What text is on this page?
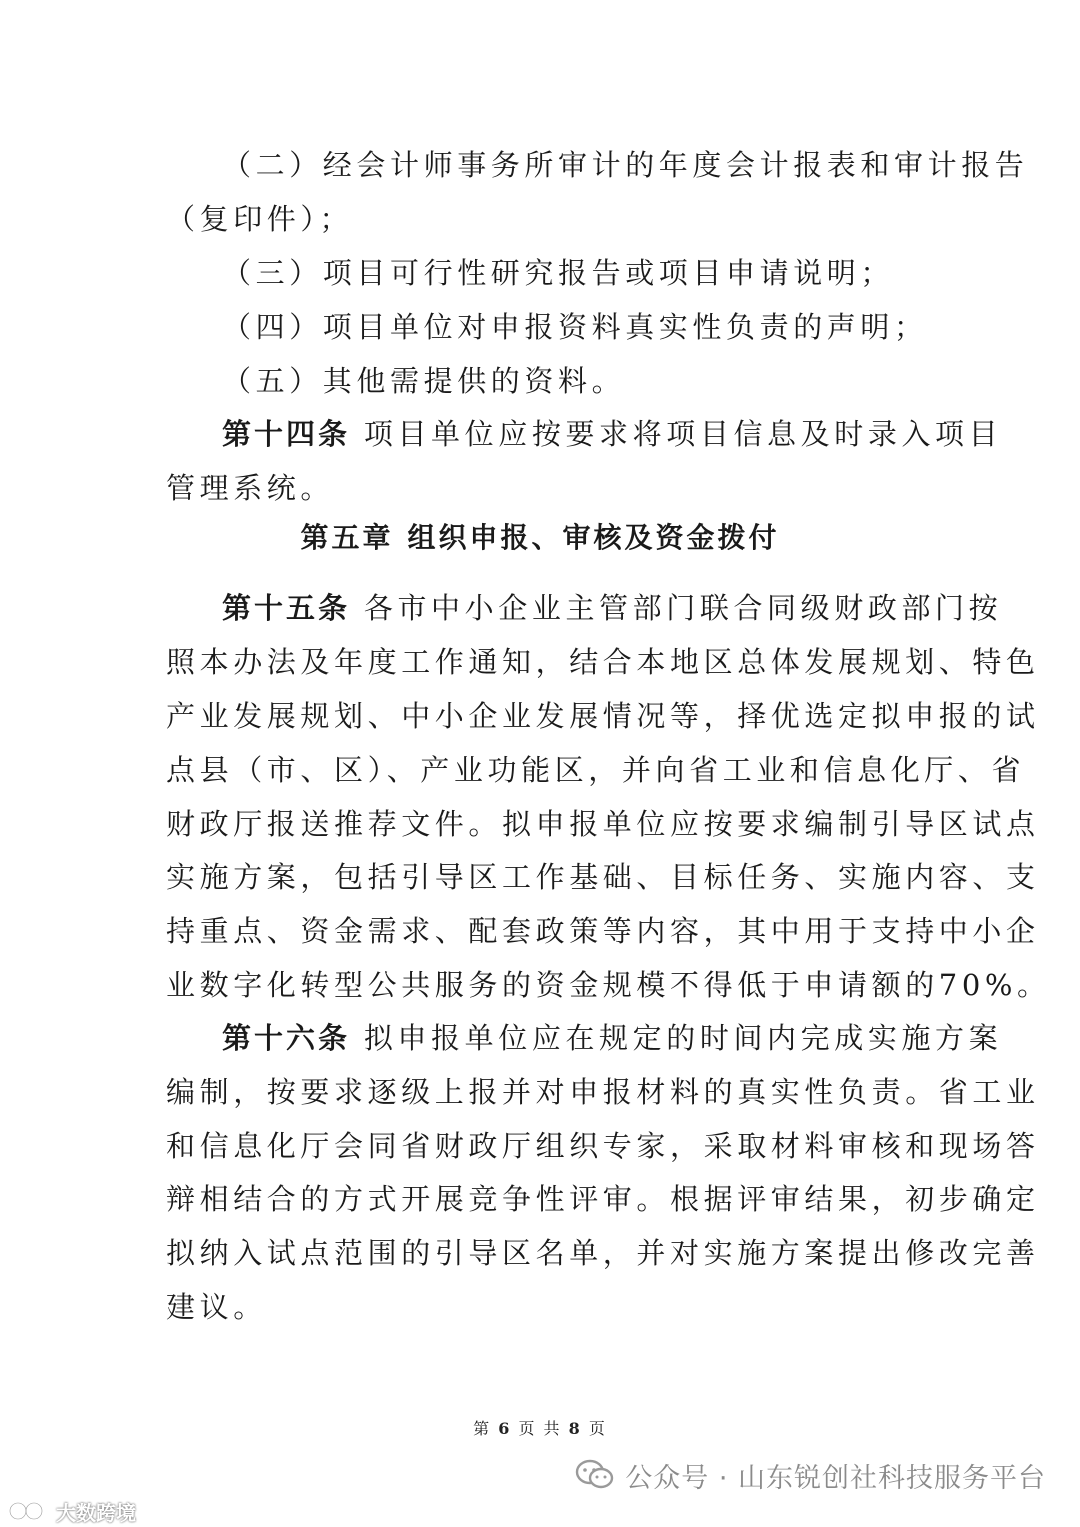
（二）经会计师事务所审计的年度会计报表和审计报告
（复印件）；
（三）项目可行性研究报告或项目申请说明；
（四）项目单位对申报资料真实性负责的声明；
（五）其他需提供的资料。
第十四条 项目单位应按要求将项目信息及时录入项目
管理系统。
第五章 组织申报、审核及资金拨付
第十五条 各市中小企业主管部门联合同级财政部门按
照本办法及年度工作通知，结合本地区总体发展规划、特色
产业发展规划、中小企业发展情况等，择优选定拟申报的试
点县（市、区）、产业功能区，并向省工业和信息化厅、省
财政厅报送推荐文件。拟申报单位应按要求编制引导区试点
实施方案，包括引导区工作基础、目标任务、实施内容、支
持重点、资金需求、配套政策等内容，其中用于支持中小企
业数字化转型公共服务的资金规模不得低于申请额的70%。
第十六条 拟申报单位应在规定的时间内完成实施方案
编制，按要求逐级上报并对申报材料的真实性负责。省工业
和信息化厅会同省财政厅组织专家，采取材料审核和现场答
辩相结合的方式开展竞争性评审。根据评审结果，初步确定
拟纳入试点范围的引导区名单，并对实施方案提出修改完善
建议。
第 6 页 共 8 页
公众号 · 山东锐创社科技服务平台
大数跨境
